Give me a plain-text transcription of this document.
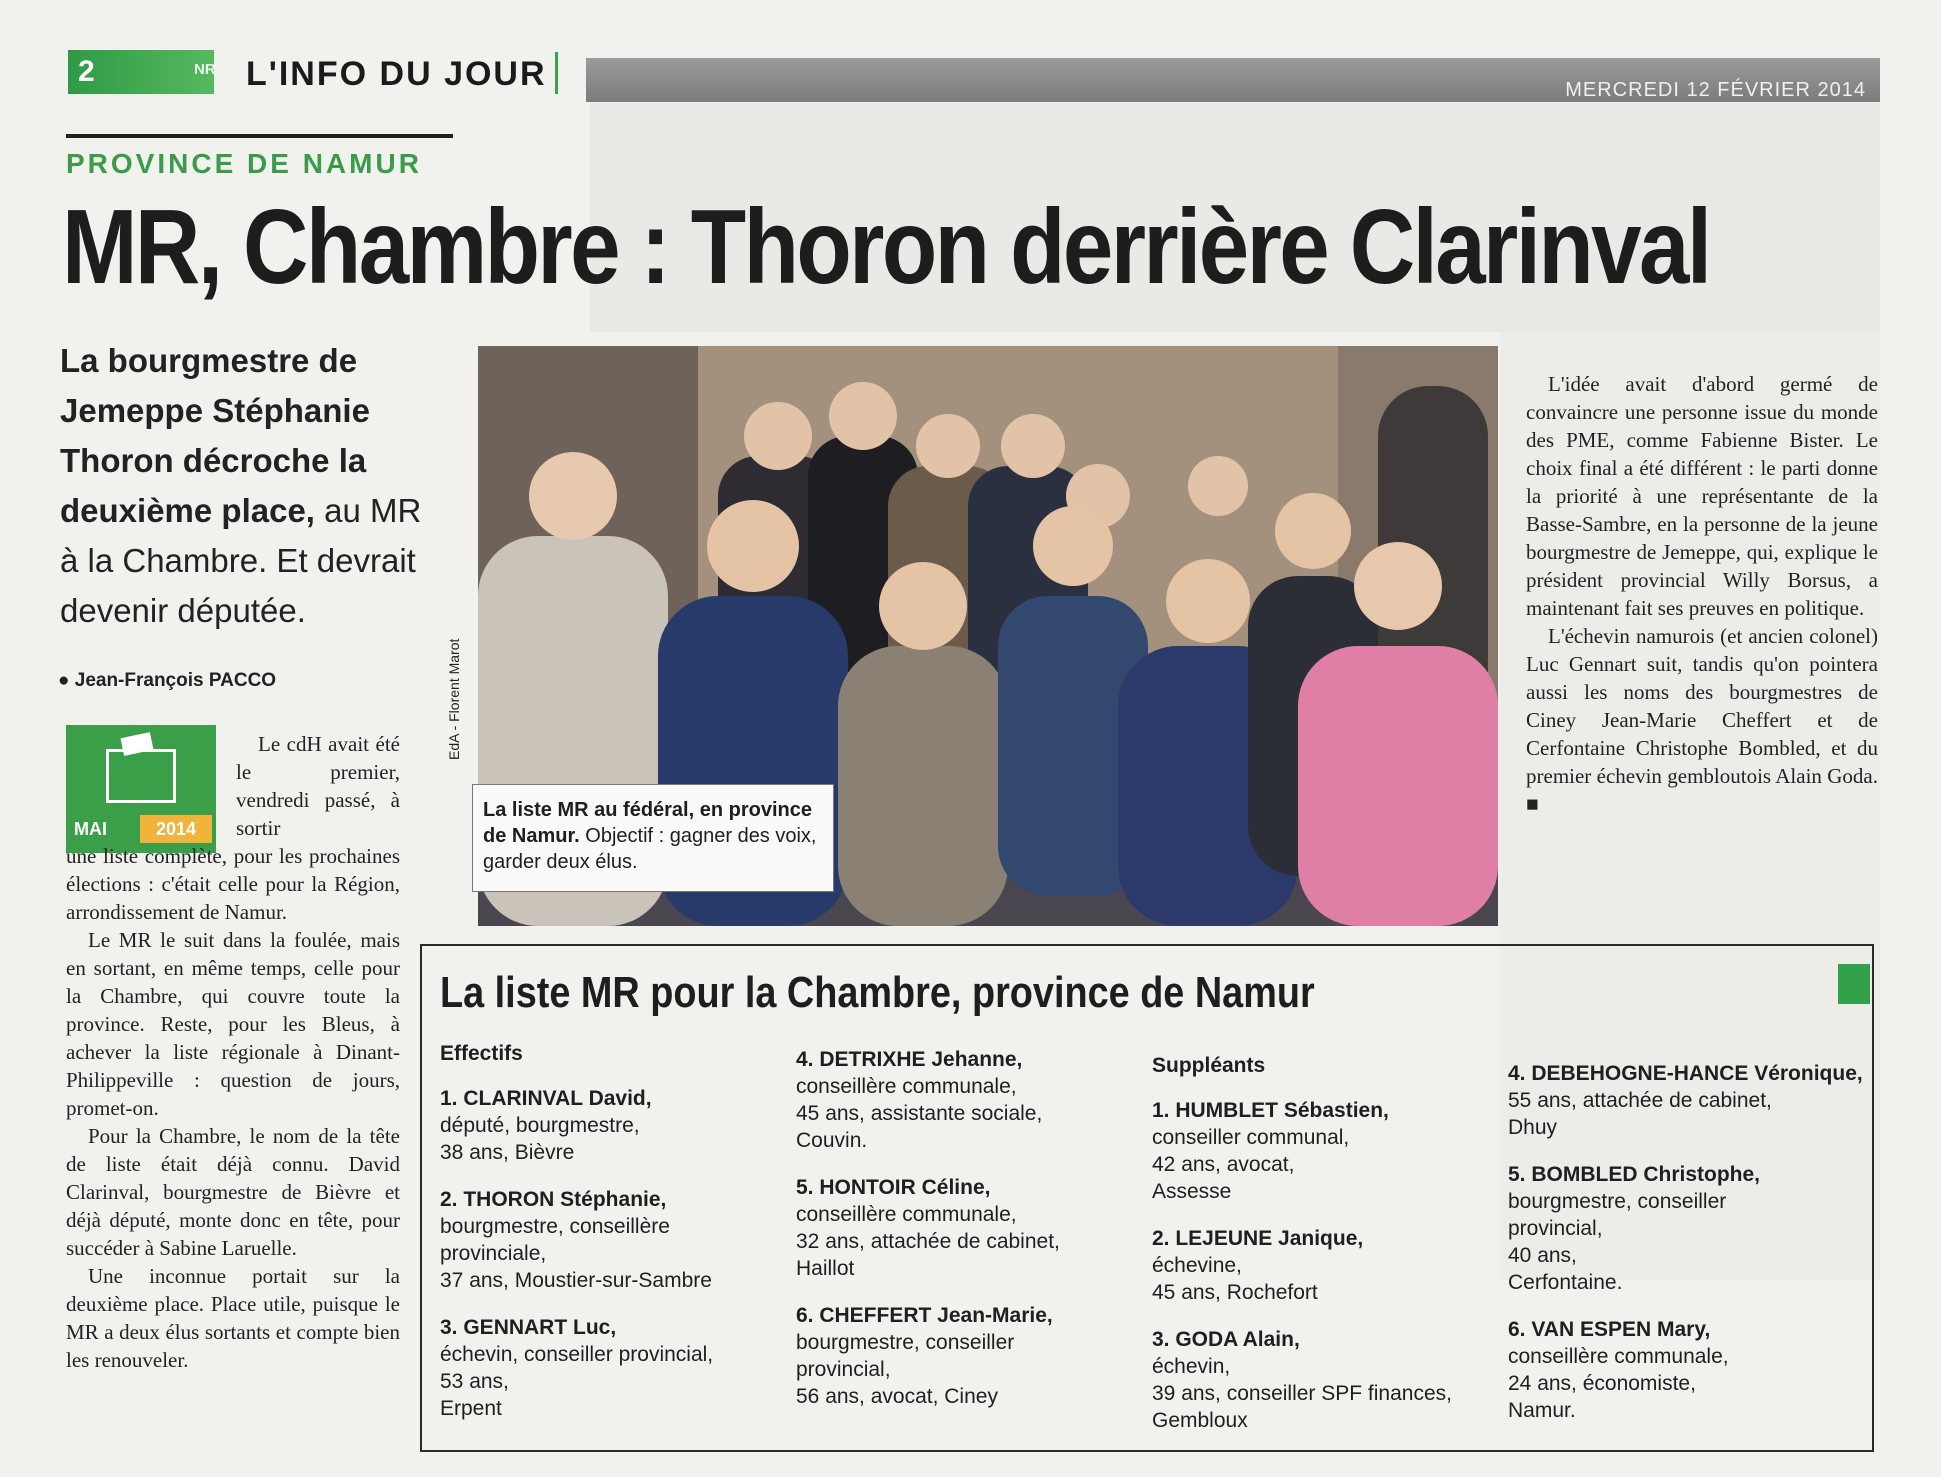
2	NR L'INFO DU JOUR	MERCREDI 12 FÉVRIER 2014
PROVINCE DE NAMUR
MR, Chambre : Thoron derrière Clarinval
La bourgmestre de Jemeppe Stéphanie Thoron décroche la deuxième place, au MR à la Chambre. Et devrait devenir députée.
● Jean-François PACCO
MAI	2014

Le cdH avait été le premier, vendredi passé, à sortir

une liste complète, pour les prochaines élections : c'était celle pour la Région, arrondissement de Namur.

Le MR le suit dans la foulée, mais en sortant, en même temps, celle pour la Chambre, qui couvre toute la province. Reste, pour les Bleus, à achever la liste régionale à Dinant-Philippeville : question de jours, promet-on.

Pour la Chambre, le nom de la tête de liste était déjà connu. David Clarinval, bourgmestre de Bièvre et déjà député, monte donc en tête, pour succéder à Sabine Laruelle.

Une inconnue portait sur la deuxième place. Place utile, puisque le MR a deux élus sortants et compte bien les renouveler.

EdA - Florent Marot
La liste MR au fédéral, en province de Namur. Objectif : gagner des voix, garder deux élus.

L'idée avait d'abord germé de convaincre une personne issue du monde des PME, comme Fabienne Bister. Le choix final a été différent : le parti donne la priorité à une représentante de la Basse-Sambre, en la personne de la jeune bourgmestre de Jemeppe, qui, explique le président provincial Willy Borsus, a maintenant fait ses preuves en politique.

L'échevin namurois (et ancien colonel) Luc Gennart suit, tandis qu'on pointera aussi les noms des bourgmestres de Ciney Jean-Marie Cheffert et de Cerfontaine Christophe Bombled, et du premier échevin gembloutois Alain Goda. ■

La liste MR pour la Chambre, province de Namur
Effectifs
1. CLARINVAL David,
député, bourgmestre,
38 ans, Bièvre
2. THORON Stéphanie,
bourgmestre, conseillère
provinciale,
37 ans, Moustier-sur-Sambre
3. GENNART Luc,
échevin, conseiller provincial,
53 ans,
Erpent
4. DETRIXHE Jehanne,
conseillère communale,
45 ans, assistante sociale,
Couvin.
5. HONTOIR Céline,
conseillère communale,
32 ans, attachée de cabinet,
Haillot
6. CHEFFERT Jean-Marie,
bourgmestre, conseiller
provincial,
56 ans, avocat, Ciney
Suppléants
1. HUMBLET Sébastien,
conseiller communal,
42 ans, avocat,
Assesse
2. LEJEUNE Janique,
échevine,
45 ans, Rochefort
3. GODA Alain,
échevin,
39 ans, conseiller SPF finances,
Gembloux
4. DEBEHOGNE-HANCE Véronique,
55 ans, attachée de cabinet,
Dhuy
5. BOMBLED Christophe,
bourgmestre, conseiller
provincial,
40 ans,
Cerfontaine.
6. VAN ESPEN Mary,
conseillère communale,
24 ans, économiste,
Namur.
